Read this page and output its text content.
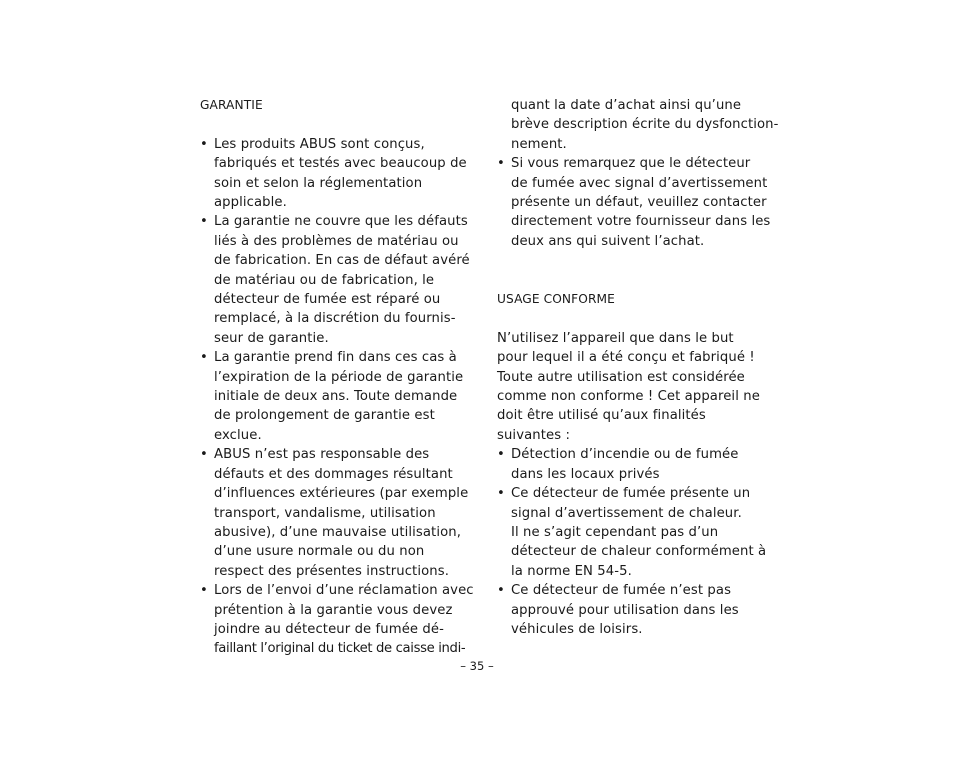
GARANTIE

• Les produits ABUS sont conçus,
fabriqués et testés avec beaucoup de
soin et selon la réglementation
applicable.
• La garantie ne couvre que les défauts
liés à des problèmes de matériau ou
de fabrication. En cas de défaut avéré
de matériau ou de fabrication, le
détecteur de fumée est réparé ou
remplacé, à la discrétion du fournis-
seur de garantie.
• La garantie prend fin dans ces cas à
l’expiration de la période de garantie
initiale de deux ans. Toute demande
de prolongement de garantie est
exclue.
• ABUS n’est pas responsable des
défauts et des dommages résultant
d’influences extérieures (par exemple
transport, vandalisme, utilisation
abusive), d’une mauvaise utilisation,
d’une usure normale ou du non
respect des présentes instructions.
• Lors de l’envoi d’une réclamation avec
prétention à la garantie vous devez
joindre au détecteur de fumée dé-
faillant l’original du ticket de caisse indi-
quant la date d’achat ainsi qu’une
brève description écrite du dysfonction-
nement.
• Si vous remarquez que le détecteur
de fumée avec signal d’avertissement
présente un défaut, veuillez contacter
directement votre fournisseur dans les
deux ans qui suivent l’achat.

USAGE CONFORME

N’utilisez l’appareil que dans le but
pour lequel il a été conçu et fabriqué !
Toute autre utilisation est considérée
comme non conforme ! Cet appareil ne
doit être utilisé qu’aux finalités
suivantes :
• Détection d’incendie ou de fumée
dans les locaux privés
• Ce détecteur de fumée présente un
signal d’avertissement de chaleur.
Il ne s’agit cependant pas d’un
détecteur de chaleur conformément à
la norme EN 54-5.
• Ce détecteur de fumée n’est pas
approuvé pour utilisation dans les
véhicules de loisirs.
– 35 –
